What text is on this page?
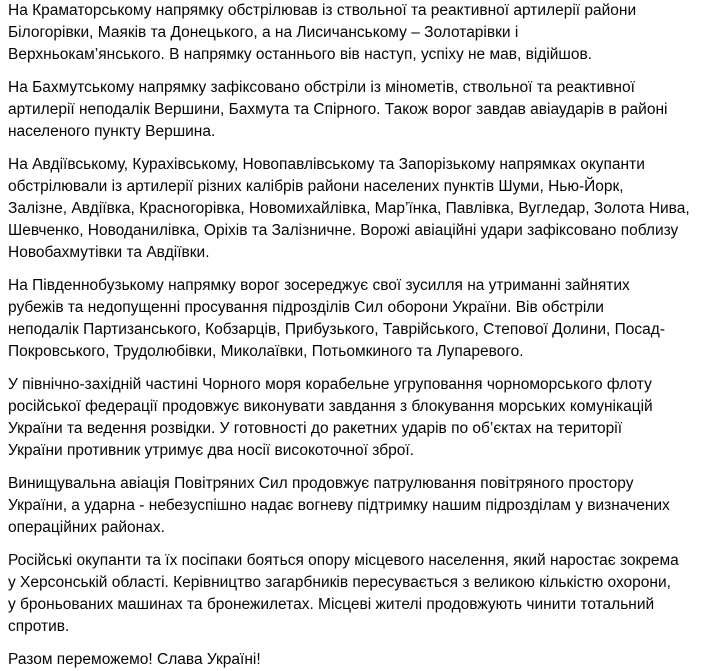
На Краматорському напрямку обстрілював із ствольної та реактивної артилерії райони
Білогорівки, Маяків та Донецького, а на Лисичанському – Золотарівки і
Верхньокам’янського. В напрямку останнього вів наступ, успіху не мав, відійшов.

На Бахмутському напрямку зафіксовано обстріли із мінометів, ствольної та реактивної
артилерії неподалік Вершини, Бахмута та Спірного. Також ворог завдав авіаударів в районі
населеного пункту Вершина.

На Авдіївському, Курахівському, Новопавлівському та Запорізькому напрямках окупанти
обстрілювали із артилерії різних калібрів райони населених пунктів Шуми, Нью-Йорк,
Залізне, Авдіївка, Красногорівка, Новомихайлівка, Мар’їнка, Павлівка, Вугледар, Золота Нива,
Шевченко, Новоданилівка, Оріхів та Залізничне. Ворожі авіаційні удари зафіксовано поблизу
Новобахмутівки та Авдіївки.

На Південнобузькому напрямку ворог зосереджує свої зусилля на утриманні зайнятих
рубежів та недопущенні просування підрозділів Сил оборони України. Вів обстріли
неподалік Партизанського, Кобзарців, Прибузького, Таврійського, Степової Долини, Посад-
Покровського, Трудолюбівки, Миколаївки, Потьомкиного та Лупаревого.

У північно-західній частині Чорного моря корабельне угруповання чорноморського флоту
російської федерації продовжує виконувати завдання з блокування морських комунікацій
України та ведення розвідки. У готовності до ракетних ударів по об’єктах на території
України противник утримує два носії високоточної зброї.

Винищувальна авіація Повітряних Сил продовжує патрулювання повітряного простору
України, а ударна - небезуспішно надає вогневу підтримку нашим підрозділам у визначених
операційних районах.

Російські окупанти та їх посіпаки бояться опору місцевого населення, який наростає зокрема
у Херсонській області. Керівництво загарбників пересувається з великою кількістю охорони,
у броньованих машинах та бронежилетах. Місцеві жителі продовжують чинити тотальний
спротив.

Разом переможемо! Слава Україні!
